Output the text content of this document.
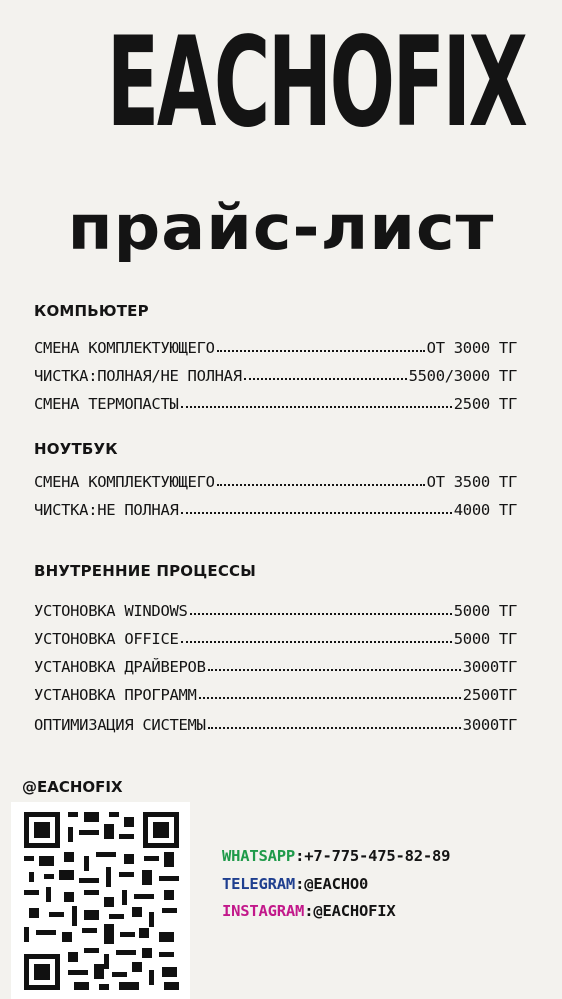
EACHOFIX
прайс-лист
КОМПЬЮТЕР
СМЕНА КОМПЛЕКТУЮЩЕГО	ОТ 3000 ТГ
ЧИСТКА:ПОЛНАЯ/НЕ ПОЛНАЯ	5500/3000 ТГ
СМЕНА ТЕРМОПАСТЫ	2500 ТГ
НОУТБУК
СМЕНА КОМПЛЕКТУЮЩЕГО	ОТ 3500 ТГ
ЧИСТКА:НЕ ПОЛНАЯ	4000 ТГ
ВНУТРЕННИЕ ПРОЦЕССЫ
УСТОНОВКА WINDOWS	5000 ТГ
УСТОНОВКА OFFICE	5000 ТГ
УСТАНОВКА ДРАЙВЕРОВ	3000ТГ
УСТАНОВКА ПРОГРАММ	2500ТГ
ОПТИМИЗАЦИЯ СИСТЕМЫ	3000ТГ
@EACHOFIX
WHATSAPP:+7-775-475-82-89
TELEGRAM:@EACHO0
INSTAGRAM:@EACHOFIX
